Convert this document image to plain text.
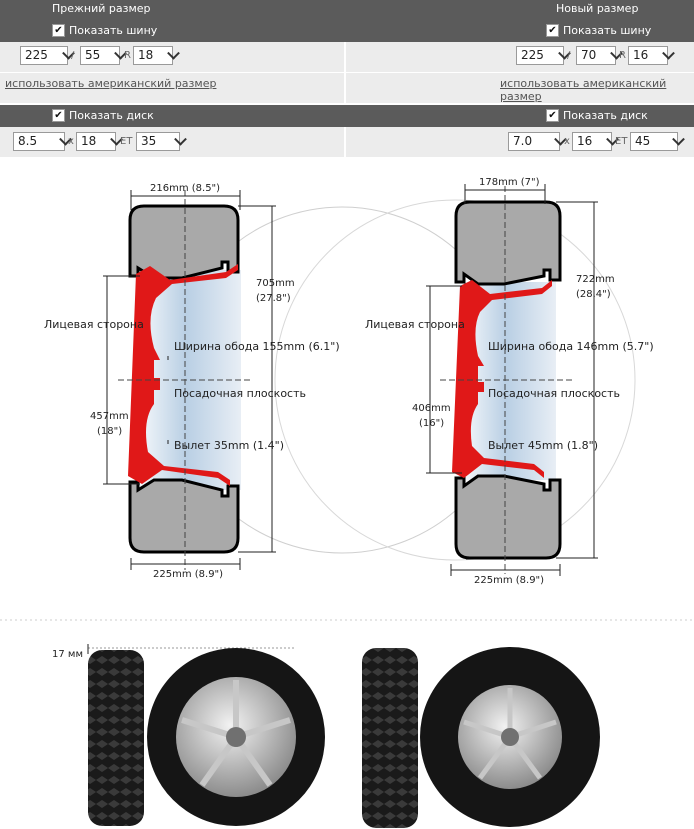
Прежний размер	Новый размер
✔ Показать шину	✔ Показать шину
225	/ 55	R 18	225	/ 70	R 16
использовать американский размер	использовать американский размер
✔ Показать диск	✔ Показать диск
8.5	x 18	ET 35	7.0	x 16	ET 45
216mm (8.5")
705mm
(27.8")
Лицевая сторона
Ширина обода 155mm (6.1")
Посадочная плоскость
Вылет 35mm (1.4")
457mm
(18")
225mm (8.9")
178mm (7")
722mm
(28.4")
Лицевая сторона
Ширина обода 146mm (5.7")
Посадочная плоскость
Вылет 45mm (1.8")
406mm
(16")
225mm (8.9")
17 мм
